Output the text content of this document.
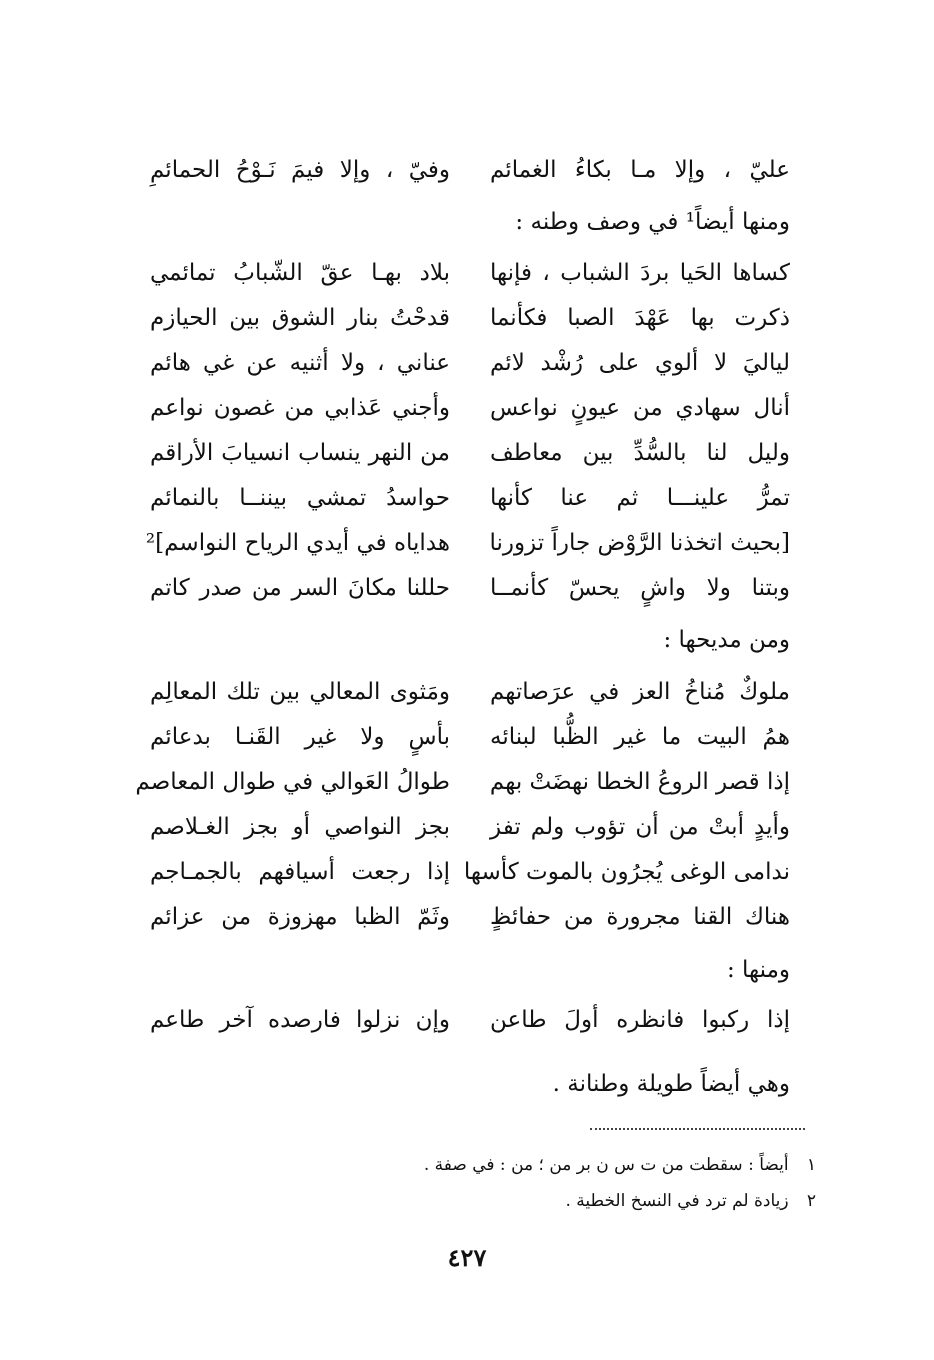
عليّ ، وإلا مـا بكاءُ الغمائم
وفيّ ، وإلا فيمَ نَـوْحُ الحمائمِ
ومنها أيضاً¹ في وصف وطنه :
كساها الحَيا بردَ الشباب ، فإنها
بلاد بهـا عقّ الشّبابُ تمائمي
ذكرت بها عَهْدَ الصبا فكأنما
قدحْتُ بنار الشوق بين الحيازم
لياليَ لا ألوي على رُشْد لائم
عناني ، ولا أثنيه عن غي هائم
أنال سهادي من عيونٍ نواعس
وأجني عَذابي من غصون نواعم
وليل لنا بالسُّدِّ بين معاطف
من النهر ينساب انسيابَ الأراقم
تمرُّ علينـــا ثم عنا كأنها
حواسدُ تمشي بيننــا بالنمائم
[بحيث اتخذنا الرَّوْض جاراً تزورنا
هداياه في أيدي الرياح النواسم]²
وبتنا ولا واشٍ يحسّ كأنمــا
حللنا مكانَ السر من صدر كاتم
ومن مديحها :
ملوكٌ مُناخُ العز في عرَصاتهم
ومَثوى المعالي بين تلك المعالِم
همُ البيت ما غير الظُّبا لبنائه
بأسٍ ولا غير القَنـا بدعائم
إذا قصر الروعُ الخطا نهضَتْ بهم
طوالُ العَوالي في طوال المعاصم
وأيدٍ أبتْ من أن تؤوب ولم تفز
بجز النواصي أو بجز الغـلاصم
ندامى الوغى يُجرُون بالموت كأسها
إذا رجعت أسيافهم بالجمـاجم
هناك القنا مجرورة من حفائظٍ
وثَمّ الظبا مهزوزة من عزائم
ومنها :
إذا ركبوا فانظره أولَ طاعن
وإن نزلوا فارصده آخر طاعم
وهي أيضاً طويلة وطنانة .
١ أيضاً : سقطت من ت س ن بر من ؛ من : في صفة .
٢ زيادة لم ترد في النسخ الخطية .
٤٢٧
